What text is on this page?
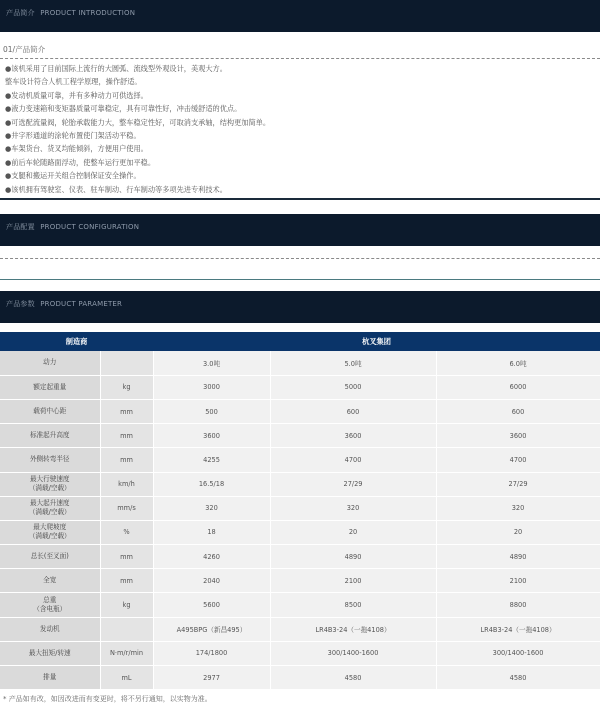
产品简介 PRODUCT INTRODUCTION
01/产品简介
●该机采用了目前国际上流行的大圆弧、流线型外观设计，美观大方。
整车设计符合人机工程学原理，操作舒适。
●发动机质量可靠，并有多种动力可供选择。
●液力变速箱和变矩器质量可靠稳定，具有可靠性好，冲击缓舒适的优点。
●可选配流量阀，轮胎承载能力大，整车稳定性好，可取消支承轴，结构更加简单。
●井字形通道的涂轮布置使门架活动平稳。
●车架货台、货叉均能倾斜，方便用户使用。
●前后车轮随路面浮动，使整车运行更加平稳。
●支腿和搬运开关组合控制保证安全操作。
●该机拥有驾驶室、仪表、驻车制动、行车制动等多项先进专利技术。
产品配置 PRODUCT CONFIGURATION
产品参数 PRODUCT PARAMETER
制造商		杭叉集团		
动力		3.0吨	5.0吨	6.0吨
额定起重量	kg	3000	5000	6000
载荷中心距	mm	500	600	600
标准起升高度	mm	3600	3600	3600
外侧转弯半径	mm	4255	4700	4700
最大行驶速度
（满载/空载）	km/h	16.5/18	27/29	27/29
最大起升速度
（满载/空载）	mm/s	320	320	320
最大爬坡度
（满载/空载）	%	18	20	20
总长(至叉面)	mm	4260	4890	4890
全宽	mm	2040	2100	2100
总重
（含电瓶）	kg	5600	8500	8800
发动机		A495BPG（新昌495）	LR4B3-24（一拖4108）	LR4B3-24（一拖4108）
最大扭矩/转速	N·m/r/min	174/1800	300/1400-1600	300/1400-1600
排量	mL	2977	4580	4580
* 产品如有改，如因改进而有变更时，将不另行通知，以实物为准。
